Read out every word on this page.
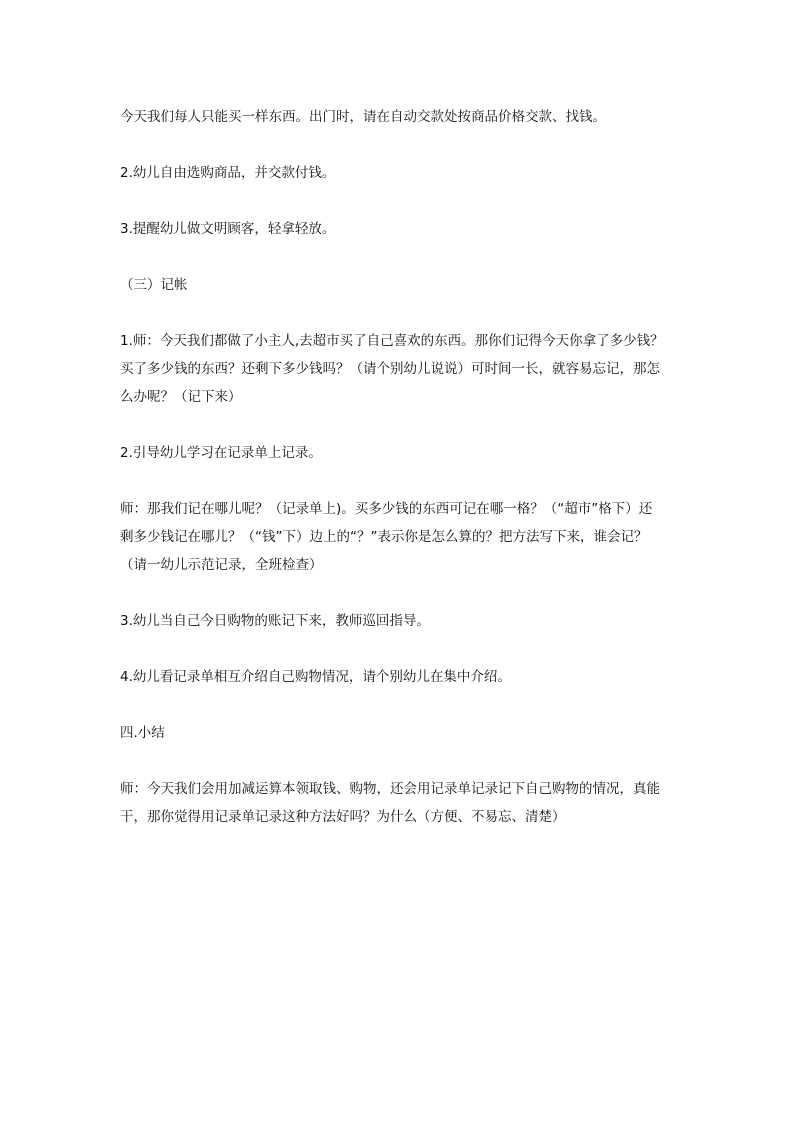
今天我们每人只能买一样东西。出门时，请在自动交款处按商品价格交款、找钱。

2.幼儿自由选购商品，并交款付钱。

3.提醒幼儿做文明顾客，轻拿轻放。

（三）记帐

1.师：今天我们都做了小主人,去超市买了自己喜欢的东西。那你们记得今天你拿了多少钱？
买了多少钱的东西？还剩下多少钱吗？（请个别幼儿说说）可时间一长，就容易忘记，那怎
么办呢？（记下来）

2.引导幼儿学习在记录单上记录。

师：那我们记在哪儿呢？（记录单上)。买多少钱的东西可记在哪一格？（“超市”格下）还
剩多少钱记在哪儿？（“钱”下）边上的“？”表示你是怎么算的？把方法写下来，谁会记？
（请一幼儿示范记录，全班检查）

3.幼儿当自己今日购物的账记下来，教师巡回指导。

4.幼儿看记录单相互介绍自己购物情况，请个别幼儿在集中介绍。

四.小结

师：今天我们会用加减运算本领取钱、购物，还会用记录单记录记下自己购物的情况，真能
干，那你觉得用记录单记录这种方法好吗？为什么（方便、不易忘、清楚）
